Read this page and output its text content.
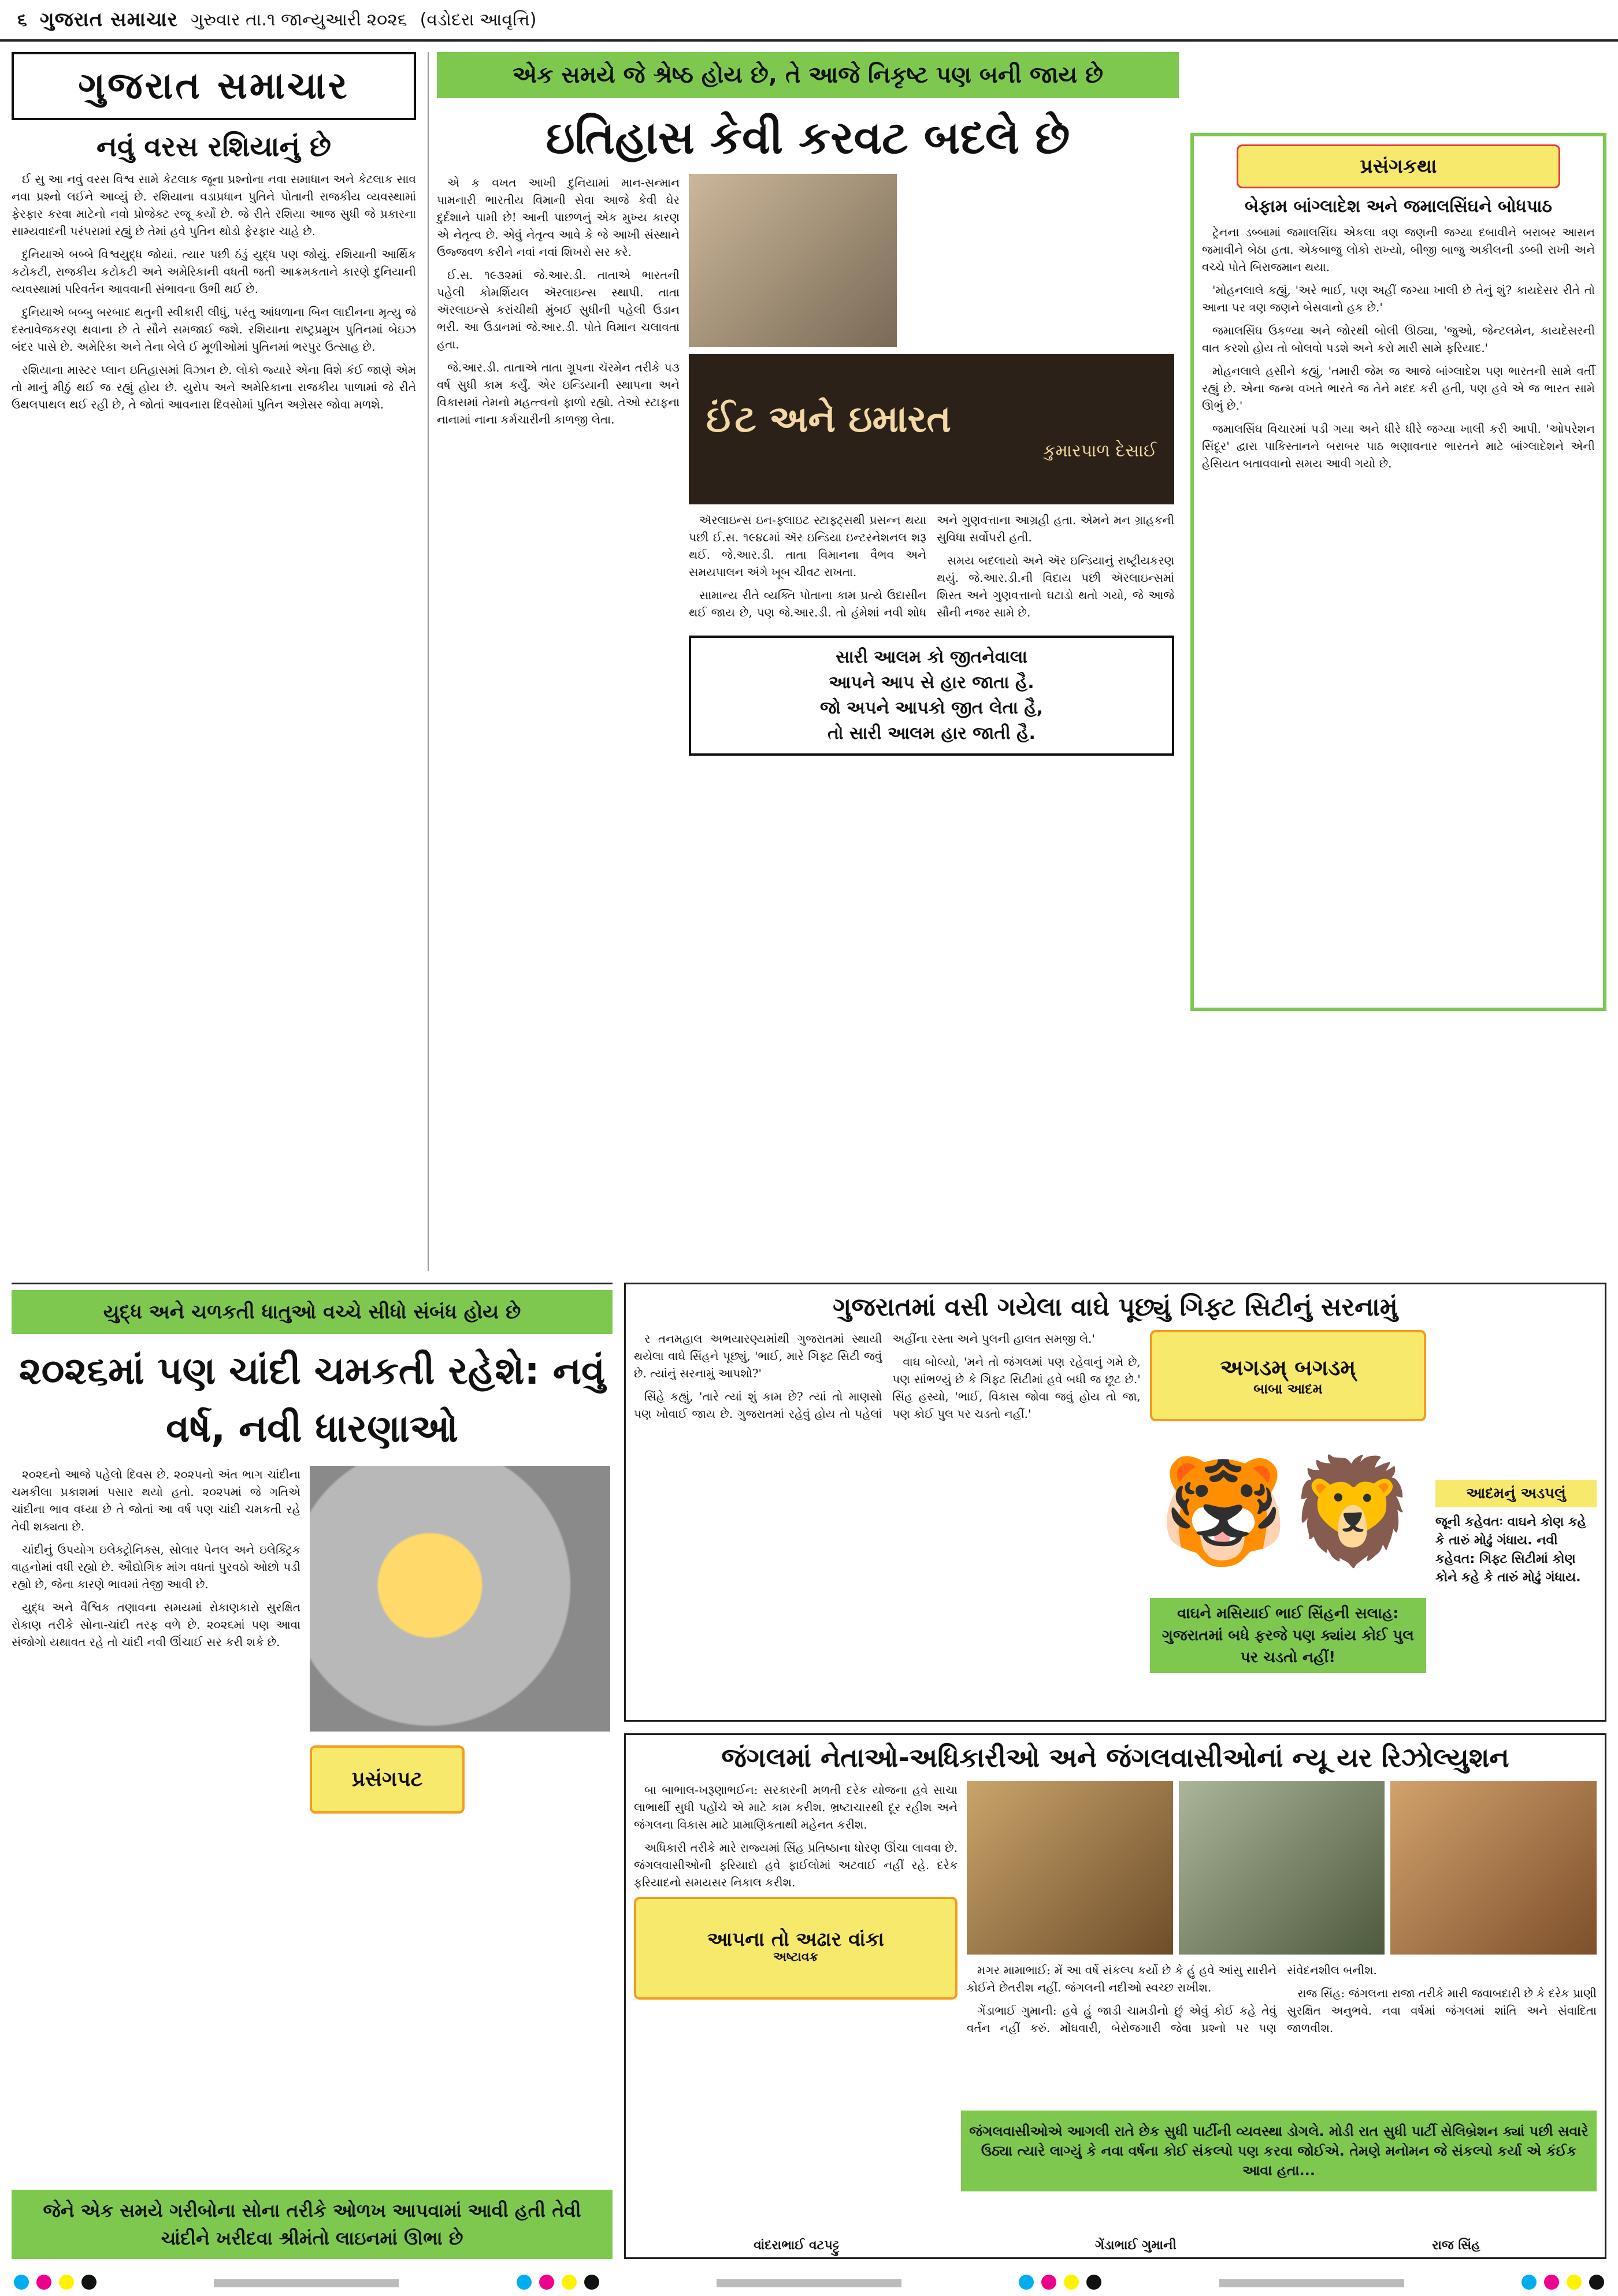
૬ ગુજરાત સમાચાર ગુરુવાર તા.૧ જાન્યુઆરી ૨૦૨૬ (વડોદરા આવૃત્તિ)
ગુજરાત સમાચાર
નવું વરસ રશિયાનું છે

ઈ સુ આ નવું વરસ વિશ્વ સામે કેટલાક જૂના પ્રશ્નોના નવા સમાધાન અને કેટલાક સાવ નવા પ્રશ્નો લઈને આવ્યું છે. રશિયાના વડાપ્રધાન પુતિને પોતાની રાજકીય વ્યવસ્થામાં ફેરફાર કરવા માટેનો નવો પ્રોજેક્ટ રજૂ કર્યો છે. જે રીતે રશિયા આજ સુધી જે પ્રકારના સામ્યવાદની પરંપરામાં રહ્યું છે તેમાં હવે પુતિન થોડો ફેરફાર ચાહે છે.

દુનિયાએ બબ્બે વિશ્વયુદ્ધ જોયાં. ત્યાર પછી ઠંડું યુદ્ધ પણ જોયું. રશિયાની આર્થિક કટોકટી, રાજકીય કટોકટી અને અમેરિકાની વધતી જતી આક્રમકતાને કારણે દુનિયાની વ્યવસ્થામાં પરિવર્તન આવવાની સંભાવના ઉભી થઈ છે.

દુનિયાએ બબ્બુ બરબાદ થતુની સ્વીકારી લીધું, પરંતુ આંધળાના બિન લાદીનના મૃત્યુ જે દસ્તાવેજકરણ થવાના છે તે સૌને સમજાઈ જશે. રશિયાના રાષ્ટ્રપ્રમુખ પુતિનમાં બેઇઝ બંદર પાસે છે. અમેરિકા અને તેના બેલે ઈ મૂળીઓમાં પુતિનમાં ભરપુર ઉત્સાહ છે.

રશિયાના માસ્ટર પ્લાન ઇતિહાસમાં વિઝાન છે. લોકો જ્યારે એના વિશે કંઈ જાણે એમ તો માનું મીઠું થઈ જ રહ્યું હોય છે. યુરોપ અને અમેરિકાના રાજકીય પાળામાં જે રીતે ઉથલપાથલ થઈ રહી છે, તે જોતાં આવનારા દિવસોમાં પુતિન અગ્રેસર જોવા મળશે.

એક સમયે જે શ્રેષ્ઠ હોય છે, તે આજે નિકૃષ્ટ પણ બની જાય છે
ઇતિહાસ કેવી કરવટ બદલે છે

એ ક વખત આખી દુનિયામાં માન-સન્માન પામનારી ભારતીય વિમાની સેવા આજે કેવી ઘેર દુર્દશાને પામી છે! આની પાછળનું એક મુખ્ય કારણ એ નેતૃત્વ છે. એવું નેતૃત્વ આવે કે જે આખી સંસ્થાને ઉજ્જવળ કરીને નવાં નવાં શિખરો સર કરે.

ઈ.સ. ૧૯૩૨માં જે.આર.ડી. તાતાએ ભારતની પહેલી કોમર્શિયલ ઍરલાઇન્સ સ્થાપી. તાતા ઍરલાઇન્સે કરાંચીથી મુંબઈ સુધીની પહેલી ઉડાન ભરી. આ ઉડાનમાં જે.આર.ડી. પોતે વિમાન ચલાવતા હતા.

જે.આર.ડી. તાતાએ તાતા ગ્રૂપના ચૅરમેન તરીકે ૫૩ વર્ષ સુધી કામ કર્યું. એર ઇન્ડિયાની સ્થાપના અને વિકાસમાં તેમનો મહત્ત્વનો ફાળો રહ્યો. તેઓ સ્ટાફના નાનામાં નાના કર્મચારીની કાળજી લેતા.	ઈંટ અને ઇમારત
કુમારપાળ દેસાઈ

ઍરલાઇન્સ ઇન-ફ્લાઇટ સ્ટાફ્ટ્સથી પ્રસન્ન થયા પછી ઈ.સ. ૧૯૪૮માં ઍર ઇન્ડિયા ઇન્ટરનેશનલ શરૂ થઈ. જે.આર.ડી. તાતા વિમાનના વૈભવ અને સમયપાલન અંગે ખૂબ ચીવટ રાખતા.

સામાન્ય રીતે વ્યક્તિ પોતાના કામ પ્રત્યે ઉદાસીન થઈ જાય છે, પણ જે.આર.ડી. તો હંમેશાં નવી શોધ અને ગુણવત્તાના આગ્રહી હતા. એમને મન ગ્રાહકની સુવિધા સર્વોપરી હતી.

સમય બદલાયો અને ઍર ઇન્ડિયાનું રાષ્ટ્રીયકરણ થયું. જે.આર.ડી.ની વિદાય પછી ઍરલાઇન્સમાં શિસ્ત અને ગુણવત્તાનો ઘટાડો થતો ગયો, જે આજે સૌની નજર સામે છે.

સારી આલમ કો જીતનેવાલા
આપને આપ સે હાર જાતા હૈ.
જો અપને આપકો જીત લેતા હૈ,
તો સારી આલમ હાર જાતી હૈ.
પ્રસંગકથા
બેફામ બાંગ્લાદેશ અને જમાલસિંઘને બોધપાઠ

ટ્રેનના ડબ્બામાં જમાલસિંઘ એકલા ત્રણ જણની જગ્યા દબાવીને બરાબર આસન જમાવીને બેઠા હતા. એકબાજુ લોકો રાખ્યો, બીજી બાજુ અકીલની ડબ્બી રાખી અને વચ્ચે પોતે બિરાજમાન થયા.

'મોહનલાલે કહ્યું, 'અરે ભાઈ, પણ અહીં જગ્યા ખાલી છે તેનું શું? કાયદેસર રીતે તો આના પર ત્રણ જણને બેસવાનો હક છે.'

જમાલસિંઘ ઉકળ્યા અને જોરથી બોલી ઊઠ્યા, 'જુઓ, જેન્ટલમેન, કાયદેસરની વાત કરશો હોય તો બોલવો પડશે અને કરો મારી સામે ફરિયાદ.'

મોહનલાલે હસીને કહ્યું, 'તમારી જેમ જ આજે બાંગ્લાદેશ પણ ભારતની સામે વર્તી રહ્યું છે. એના જન્મ વખતે ભારતે જ તેને મદદ કરી હતી, પણ હવે એ જ ભારત સામે ઊભું છે.'

જમાલસિંઘ વિચારમાં પડી ગયા અને ધીરે ધીરે જગ્યા ખાલી કરી આપી. 'ઓપરેશન સિંદૂર' દ્વારા પાકિસ્તાનને બરાબર પાઠ ભણાવનાર ભારતને માટે બાંગ્લાદેશને એની હેસિયત બતાવવાનો સમય આવી ગયો છે.

યુદ્ધ અને ચળકતી ધાતુઓ વચ્ચે સીધો સંબંધ હોય છે
૨૦૨૬માં પણ ચાંદી ચમકતી રહેશે: નવું વર્ષ, નવી ધારણાઓ

૨૦૨૬નો આજે પહેલો દિવસ છે. ૨૦૨૫નો અંત ભાગ ચાંદીના ચમકીલા પ્રકાશમાં પસાર થયો હતો. ૨૦૨૫માં જે ગતિએ ચાંદીના ભાવ વધ્યા છે તે જોતાં આ વર્ષ પણ ચાંદી ચમકતી રહે તેવી શક્યતા છે.

ચાંદીનું ઉપયોગ ઇલેક્ટ્રોનિક્સ, સોલાર પેનલ અને ઇલેક્ટ્રિક વાહનોમાં વધી રહ્યો છે. ઔદ્યોગિક માંગ વધતાં પુરવઠો ઓછો પડી રહ્યો છે, જેના કારણે ભાવમાં તેજી આવી છે.

યુદ્ધ અને વૈશ્વિક તણાવના સમયમાં રોકાણકારો સુરક્ષિત રોકાણ તરીકે સોના-ચાંદી તરફ વળે છે. ૨૦૨૬માં પણ આવા સંજોગો યથાવત રહે તો ચાંદી નવી ઊંચાઈ સર કરી શકે છે.

પ્રસંગપટ
જેને એક સમયે ગરીબોના સોના તરીકે ઓળખ આપવામાં આવી હતી તેવી ચાંદીને ખરીદવા શ્રીમંતો લાઇનમાં ઊભા છે
ગુજરાતમાં વસી ગયેલા વાઘે પૂછ્યું ગિફ્ટ સિટીનું સરનામું

ર તનમહાલ અભયારણ્યમાંથી ગુજરાતમાં સ્થાયી થયેલા વાઘે સિંહને પૂછ્યું, 'ભાઈ, મારે ગિફ્ટ સિટી જવું છે. ત્યાંનું સરનામું આપશો?'

સિંહે કહ્યું, 'તારે ત્યાં શું કામ છે? ત્યાં તો માણસો પણ ખોવાઈ જાય છે. ગુજરાતમાં રહેવું હોય તો પહેલાં અહીંના રસ્તા અને પુલની હાલત સમજી લે.'

વાઘ બોલ્યો, 'મને તો જંગલમાં પણ રહેવાનું ગમે છે, પણ સાંભળ્યું છે કે ગિફ્ટ સિટીમાં હવે બધી જ છૂટ છે.' સિંહ હસ્યો, 'ભાઈ, વિકાસ જોવા જવું હોય તો જા, પણ કોઈ પુલ પર ચડતો નહીં.'

અગડમ્ બગડમ્
બાબા આદમ
🐯🦁
વાઘને મસિયાઈ ભાઈ સિંહની સલાહ: ગુજરાતમાં બધે ફરજે પણ ક્યાંય કોઈ પુલ પર ચડતો નહીં!
આદમનું અડપલું
જૂની કહેવતઃ વાઘને કોણ કહે કે તારું મોઢું ગંધાય. નવી કહેવત: ગિફ્ટ સિટીમાં કોણ કોને કહે કે તારું મોઢું ગંધાય.
જંગલમાં નેતાઓ-અધિકારીઓ અને જંગલવાસીઓનાં ન્યૂ યર રિઝોલ્યુશન

બા બાભાલ-ખરૂણાભઈન: સરકારની મળતી દરેક યોજના હવે સાચા લાભાર્થી સુધી પહોંચે એ માટે કામ કરીશ. ભ્રષ્ટાચારથી દૂર રહીશ અને જંગલના વિકાસ માટે પ્રામાણિકતાથી મહેનત કરીશ.

અધિકારી તરીકે મારે રાજ્યમાં સિંહ પ્રતિષ્ઠાના ધોરણ ઊંચા લાવવા છે. જંગલવાસીઓની ફરિયાદો હવે ફાઈલોમાં અટવાઈ નહીં રહે. દરેક ફરિયાદનો સમયસર નિકાલ કરીશ.

આપના તો અઢાર વાંકા
અષ્ટાવક્ર

મગર મામાભાઈ: મેં આ વર્ષે સંકલ્પ કર્યો છે કે હું હવે આંસુ સારીને કોઈને છેતરીશ નહીં. જંગલની નદીઓ સ્વચ્છ રાખીશ.

ગેંડાભાઈ ગુમાની: હવે હું જાડી ચામડીનો છું એવું કોઈ કહે તેવું વર્તન નહીં કરું. મોંઘવારી, બેરોજગારી જેવા પ્રશ્નો પર પણ સંવેદનશીલ બનીશ.

રાજ સિંહ: જંગલના રાજા તરીકે મારી જવાબદારી છે કે દરેક પ્રાણી સુરક્ષિત અનુભવે. નવા વર્ષમાં જંગલમાં શાંતિ અને સંવાદિતા જાળવીશ.

જંગલવાસીઓએ આગલી રાતે છેક સુધી પાર્ટીની વ્યવસ્થા ડોગલે. મોડી રાત સુધી પાર્ટી સેલિબ્રેશન ક્યાં પછી સવારે ઉઠ્યા ત્યારે લાગ્યું કે નવા વર્ષના કોઈ સંકલ્પો પણ કરવા જોઈએ. તેમણે મનોમન જે સંકલ્પો કર્યા એ કંઈક આવા હતા...
વાંદરાભાઈ વટપટ્ટુ	ગેંડાભાઈ ગુમાની	રાજ સિંહ
